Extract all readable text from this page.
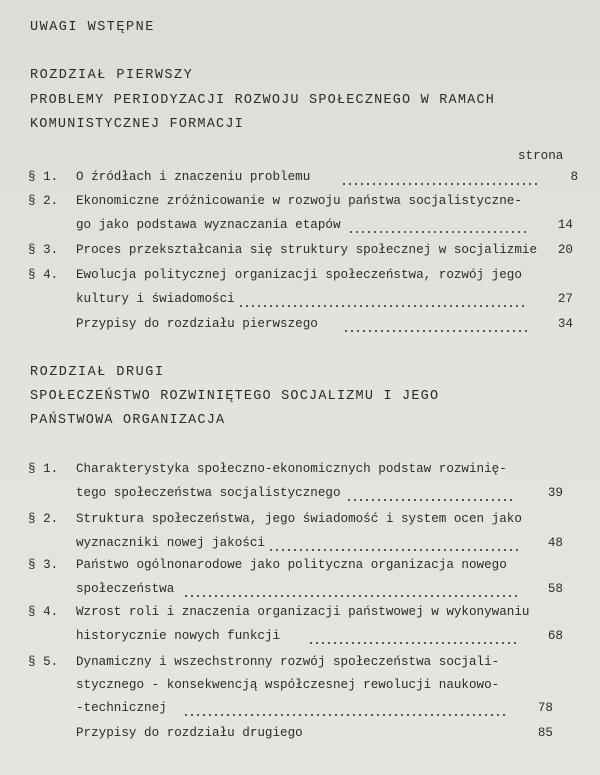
UWAGI WSTĘPNE
ROZDZIAŁ PIERWSZY
PROBLEMY PERIODYZACJI ROZWOJU SPOŁECZNEGO W RAMACH
KOMUNISTYCZNEJ FORMACJI
strona
§ 1.	O źródłach i znaczeniu problemu	8
§ 2.	Ekonomiczne zróżnicowanie w rozwoju państwa socjalistyczne-
go jako podstawa wyznaczania etapów	14
§ 3.	Proces przekształcania się struktury społecznej w socjalizmie	20
§ 4.	Ewolucja politycznej organizacji społeczeństwa, rozwój jego
kultury i świadomości	27
Przypisy do rozdziału pierwszego	34
ROZDZIAŁ DRUGI
SPOŁECZEŃSTWO ROZWINIĘTEGO SOCJALIZMU I JEGO
PAŃSTWOWA ORGANIZACJA
§ 1.	Charakterystyka społeczno-ekonomicznych podstaw rozwinię-
tego społeczeństwa socjalistycznego	39
§ 2.	Struktura społeczeństwa, jego świadomość i system ocen jako
wyznaczniki nowej jakości	48
§ 3.	Państwo ogólnonarodowe jako polityczna organizacja nowego
społeczeństwa	58
§ 4.	Wzrost roli i znaczenia organizacji państwowej w wykonywaniu
historycznie nowych funkcji	68
§ 5.	Dynamiczny i wszechstronny rozwój społeczeństwa socjali-
stycznego - konsekwencją współczesnej rewolucji naukowo-
-technicznej	78
Przypisy do rozdziału drugiego	85
